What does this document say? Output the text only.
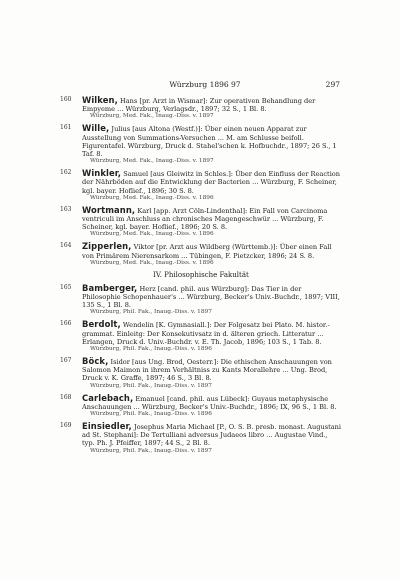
Würzburg 1896 97	297
160 Wilken, Hans [pr. Arzt in Wismar]: Zur operativen Behandlung der Empyeme ... Würzburg, Verlagsdr., 1897; 32 S., 1 Bl. 8.
Würzburg, Med. Fak., Inaug.-Diss. v. 1897
161 Wille, Julius [aus Altona (Westf.)]: Über einen neuen Apparat zur Ausstellung von Summations-Versuchen ... M. am Schlusse beifoll. Figurentafel. Würzburg, Druck d. Stahel'schen k. Hofbuchdr., 1897; 26 S., 1 Taf. 8.
Würzburg, Med. Fak., Inaug.-Diss. v. 1897
162 Winkler, Samuel [aus Gleiwitz in Schles.]: Über den Einfluss der Reaction der Nährböden auf die Entwicklung der Bacterien ... Würzburg, F. Scheiner, kgl. bayer. Hoflief., 1896; 30 S. 8.
Würzburg, Med. Fak., Inaug.-Diss. v. 1896
163 Wortmann, Karl [app. Arzt Cöln-Lindenthal]: Ein Fall von Carcinoma ventriculi im Anschluss an chronisches Magengeschwür ... Würzburg, F. Scheiner, kgl. bayer. Hoflief., 1896; 20 S. 8.
Würzburg, Med. Fak., Inaug.-Diss. v. 1896
164 Zipperlen, Viktor [pr. Arzt aus Wildberg (Württemb.)]: Über einen Fall von Primärem Nierensarkom ... Tübingen, F. Pietzcker, 1896; 24 S. 8.
Würzburg, Med. Fak., Inaug.-Diss. v. 1896
IV. Philosophische Fakultät
165 Bamberger, Herz [cand. phil. aus Würzburg]: Das Tier in der Philosophie Schopenhauer's ... Würzburg, Becker's Univ.-Buchdr., 1897; VIII, 135 S., 1 Bl. 8.
Würzburg, Phil. Fak., Inaug.-Diss. v. 1897
166 Berdolt, Wendelin [K. Gymnasiall.]: Der Folgesatz bei Plato. M. histor.-grammat. Einleitg: Der Konsekutivsatz in d. älteren griech. Litteratur ... Erlangen, Druck d. Univ.-Buchdr. v. E. Th. Jacob, 1896; 103 S., 1 Tab. 8.
Würzburg, Phil. Fak., Inaug.-Diss. v. 1896
167 Böck, Isidor [aus Ung. Brod, Oesterr.]: Die ethischen Anschauungen von Salomon Maimon in ihrem Verhältniss zu Kants Morallehre ... Ung. Brod, Druck v. K. Graffe, 1897; 46 S., 3 Bl. 8.
Würzburg, Phil. Fak., Inaug.-Diss. v. 1897
168 Carlebach, Emanuel [cand. phil. aus Lübeck]: Guyaus metaphysische Anschauungen ... Würzburg, Becker's Univ.-Buchdr., 1896; IX, 96 S., 1 Bl. 8.
Würzburg, Phil. Fak., Inaug.-Diss. v. 1896
169 Einsiedler, Josephus Maria Michael [P., O. S. B. presb. monast. Augustani ad St. Stephani]: De Tertulliani adversus Judaeos libro ... Augustae Vind., typ. Ph. J. Pfeiffer, 1897; 44 S., 2 Bl. 8.
Würzburg, Phil. Fak., Inaug.-Diss. v. 1897
